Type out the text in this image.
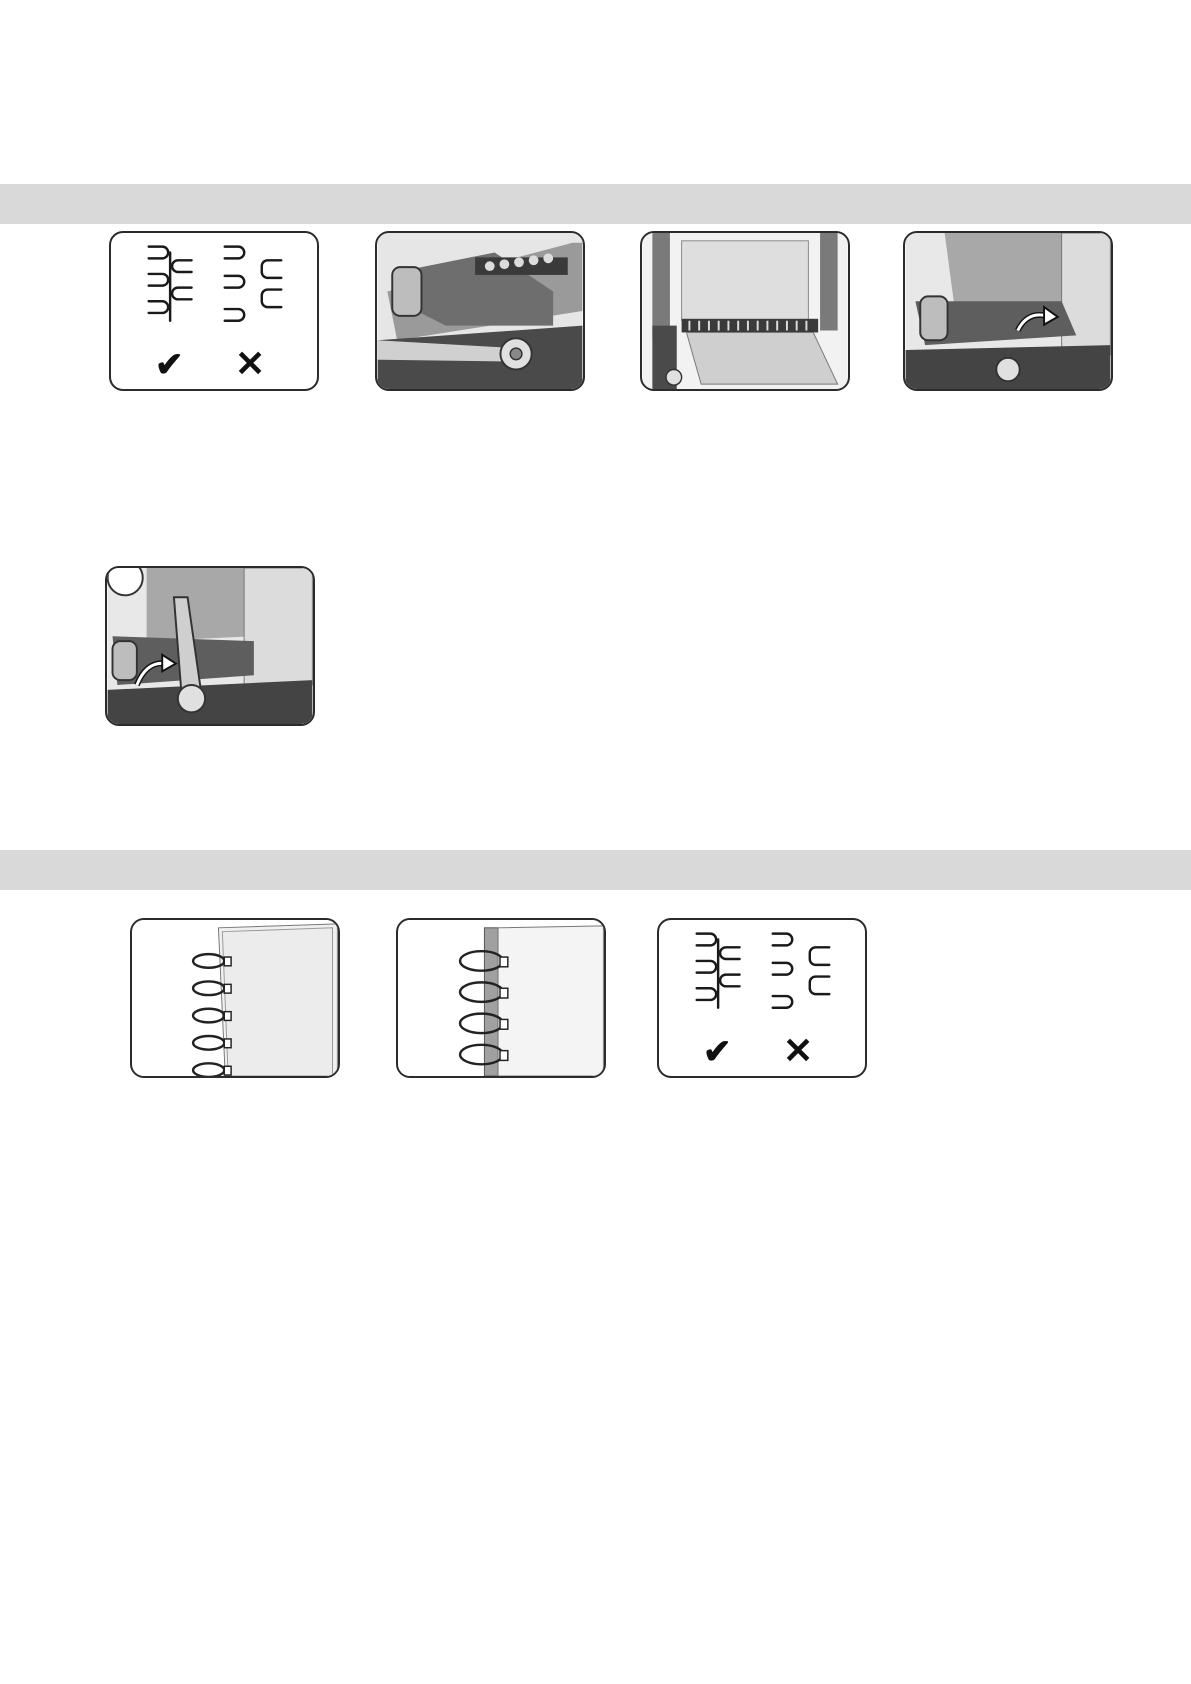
✔ ✕
✔ ✕
